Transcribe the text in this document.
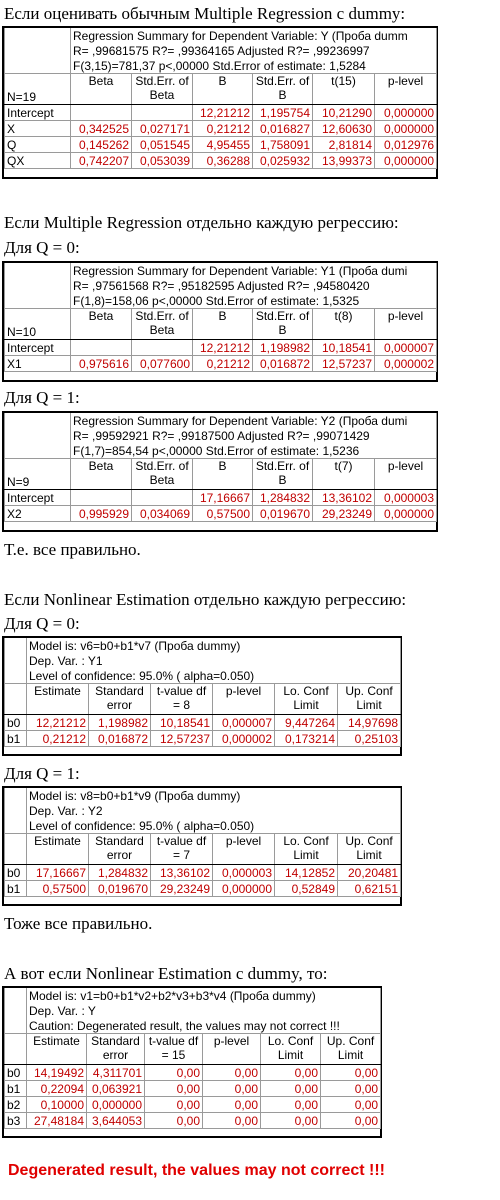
Если оценивать обычным Multiple Regression с dummy:
	Regression Summary for Dependent Variable: Y (Проба dumm					
	R= ,99681575 R?= ,99364165 Adjusted R?= ,99236997					
	F(3,15)=781,37 p<,00000 Std.Error of estimate: 1,5284					
N=19	Beta	Std.Err. of Beta	B	Std.Err. of B	t(15)	p-level
Intercept			12,21212	1,195754	10,21290	0,000000
X	0,342525	0,027171	0,21212	0,016827	12,60630	0,000000
Q	0,145262	0,051545	4,95455	1,758091	2,81814	0,012976
QX	0,742207	0,053039	0,36288	0,025932	13,99373	0,000000
Если Multiple Regression отдельно каждую регрессию:
Для Q = 0:
	Regression Summary for Dependent Variable: Y1 (Проба dumi					
	R= ,97561568 R?= ,95182595 Adjusted R?= ,94580420					
	F(1,8)=158,06 p<,00000 Std.Error of estimate: 1,5325					
N=10	Beta	Std.Err. of Beta	B	Std.Err. of B	t(8)	p-level
Intercept			12,21212	1,198982	10,18541	0,000007
X1	0,975616	0,077600	0,21212	0,016872	12,57237	0,000002
Для Q = 1:
	Regression Summary for Dependent Variable: Y2 (Проба dumi					
	R= ,99592921 R?= ,99187500 Adjusted R?= ,99071429					
	F(1,7)=854,54 p<,00000 Std.Error of estimate: 1,5236					
N=9	Beta	Std.Err. of Beta	B	Std.Err. of B	t(7)	p-level
Intercept			17,16667	1,284832	13,36102	0,000003
X2	0,995929	0,034069	0,57500	0,019670	29,23249	0,000000
Т.е. все правильно.
Если Nonlinear Estimation отдельно каждую регрессию:
Для Q = 0:
	Model is: v6=b0+b1*v7 (Проба dummy)					
	Dep. Var. : Y1					
	Level of confidence: 95.0% ( alpha=0.050)					
	Estimate	Standard error	t-value df = 8	p-level	Lo. Conf Limit	Up. Conf Limit
b0	12,21212	1,198982	10,18541	0,000007	9,447264	14,97698
b1	0,21212	0,016872	12,57237	0,000002	0,173214	0,25103
Для Q = 1:
	Model is: v8=b0+b1*v9 (Проба dummy)					
	Dep. Var. : Y2					
	Level of confidence: 95.0% ( alpha=0.050)					
	Estimate	Standard error	t-value df = 7	p-level	Lo. Conf Limit	Up. Conf Limit
b0	17,16667	1,284832	13,36102	0,000003	14,12852	20,20481
b1	0,57500	0,019670	29,23249	0,000000	0,52849	0,62151
Тоже все правильно.
А вот если Nonlinear Estimation с dummy, то:
	Model is: v1=b0+b1*v2+b2*v3+b3*v4 (Проба dummy)					
	Dep. Var. : Y					
	Caution: Degenerated result, the values may not correct !!!					
	Estimate	Standard error	t-value df = 15	p-level	Lo. Conf Limit	Up. Conf Limit
b0	14,19492	4,311701	0,00	0,00	0,00	0,00
b1	0,22094	0,063921	0,00	0,00	0,00	0,00
b2	0,10000	0,000000	0,00	0,00	0,00	0,00
b3	27,48184	3,644053	0,00	0,00	0,00	0,00
Degenerated result, the values may not correct !!!
